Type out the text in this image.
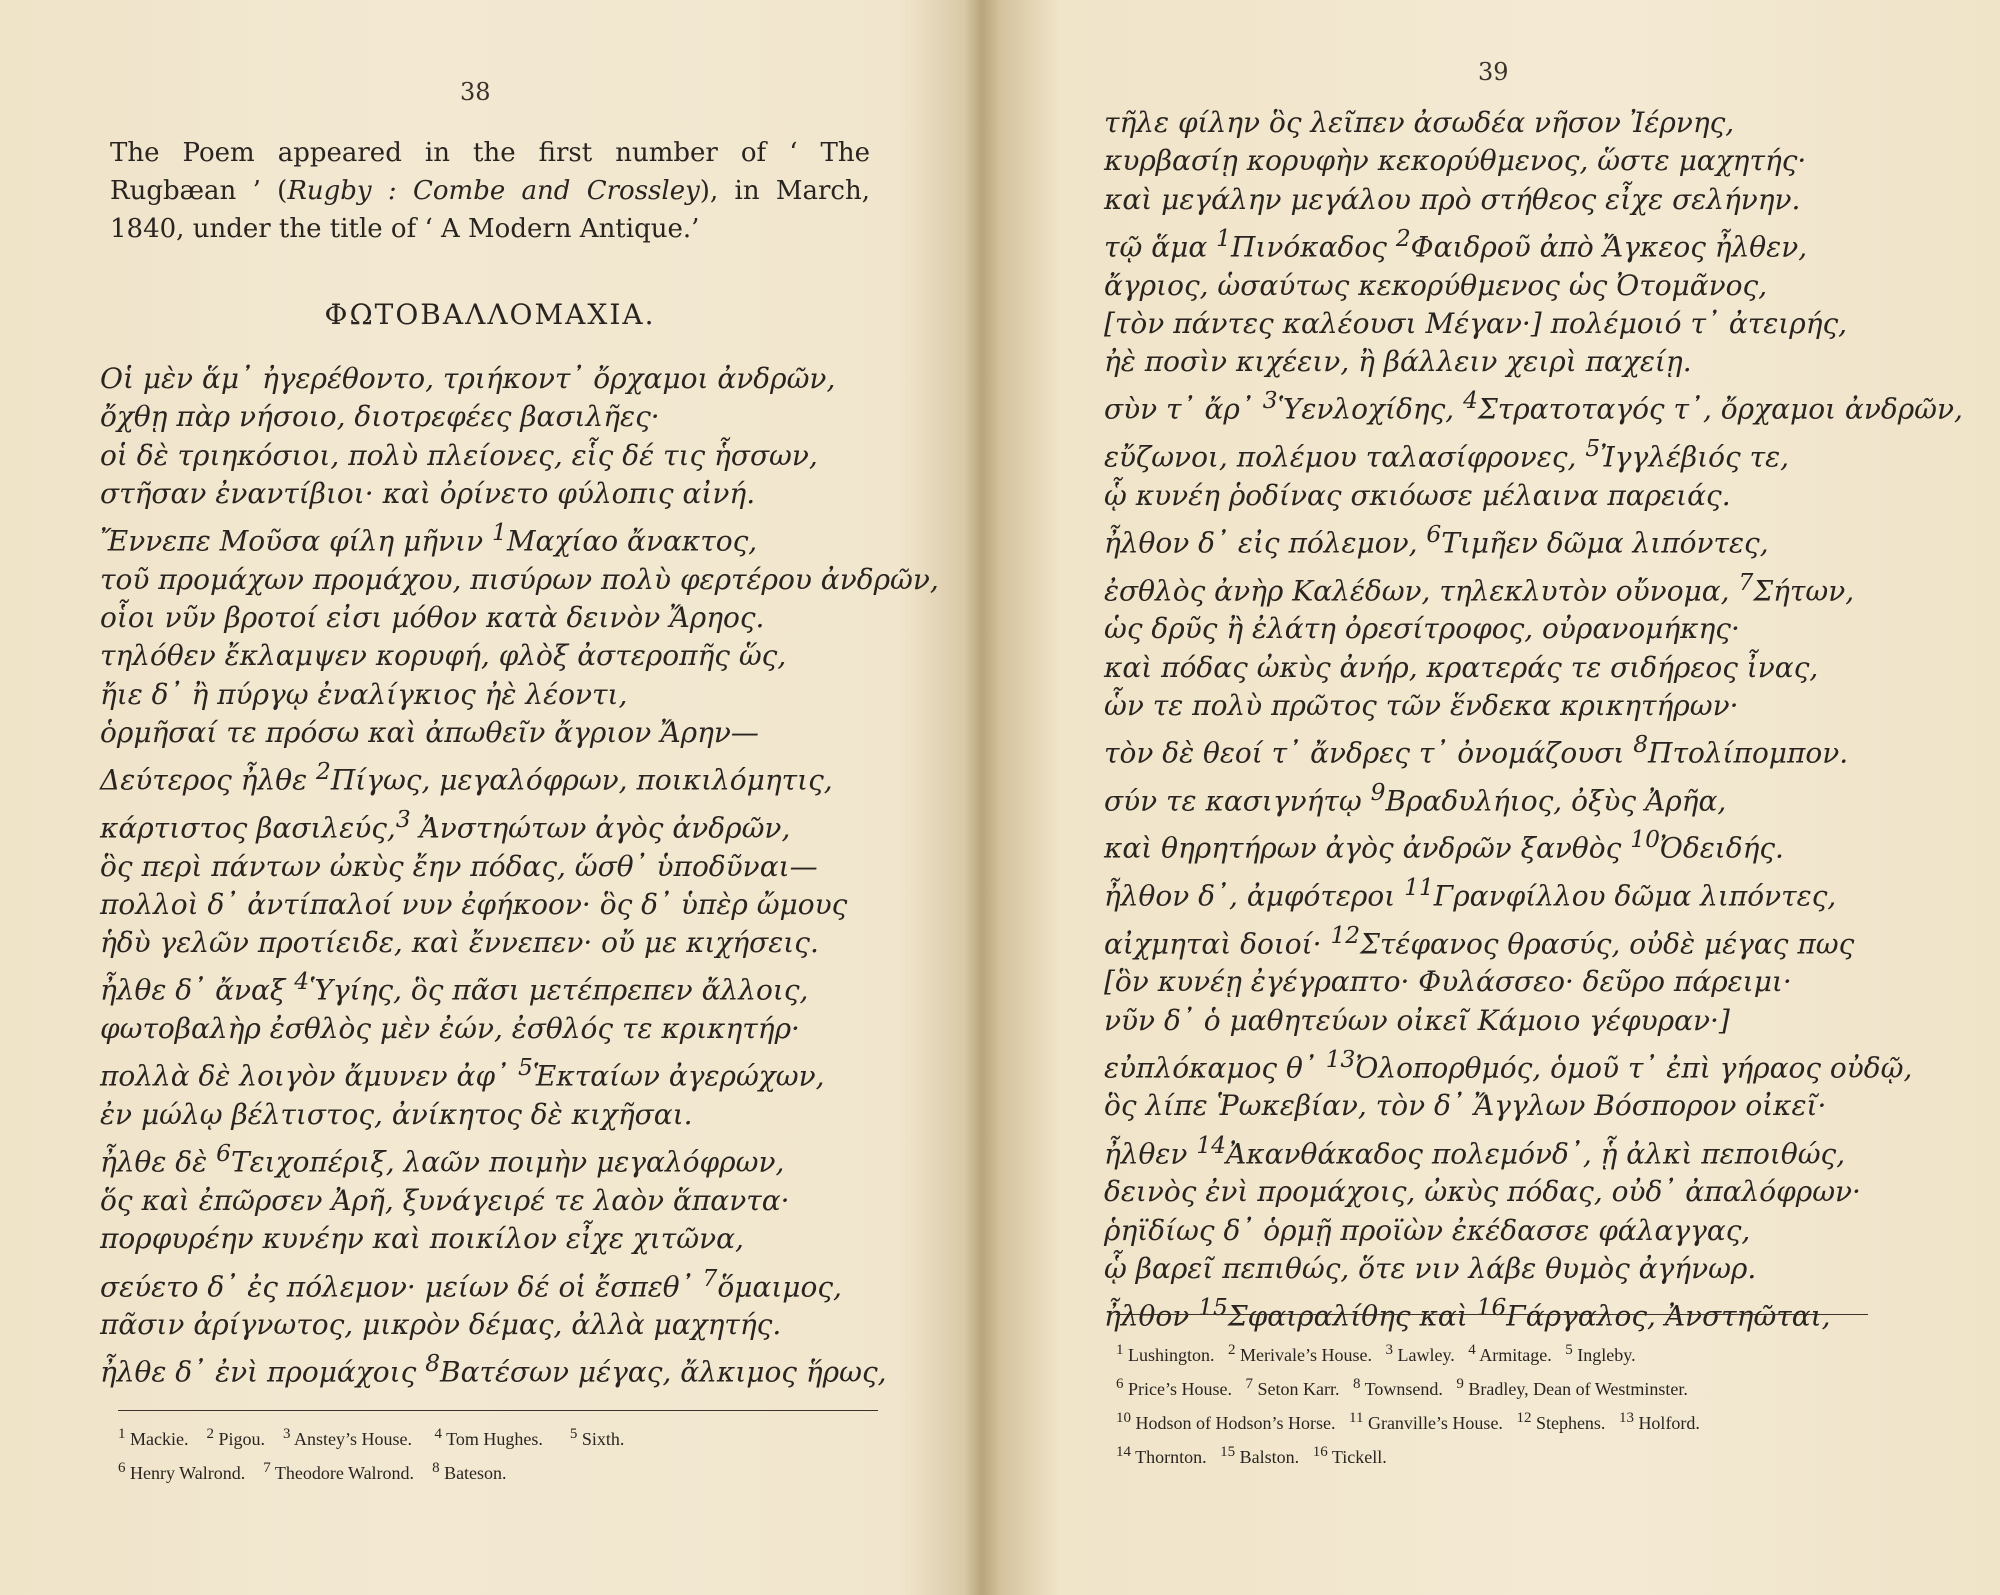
38

The Poem appeared in the first number of ‘ The Rugbæan ’ (Rugby : Combe and Crossley), in March, 1840, under the title of ‘ A Modern Antique.’

ΦΩΤΟΒΑΛΛΟΜΑΧΙΑ.
Οἱ μὲν ἅμ᾽ ἠγερέθοντο, τριήκοντ᾽ ὄρχαμοι ἀνδρῶν,
ὄχθῃ πὰρ νήσοιο, διοτρεφέες βασιλῆες·
οἱ δὲ τριηκόσιοι, πολὺ πλείονες, εἷς δέ τις ἧσσων,
στῆσαν ἐναντίβιοι· καὶ ὀρίνετο φύλοπις αἰνή.
Ἔννεπε Μοῦσα φίλη μῆνιν $^1$Μαχίαο ἄνακτος,
τοῦ προμάχων προμάχου, πισύρων πολὺ φερτέρου ἀνδρῶν,
οἷοι νῦν βροτοί εἰσι μόθον κατὰ δεινὸν Ἄρηος.
τηλόθεν ἔκλαμψεν κορυφή, φλὸξ ἀστεροπῆς ὥς,
ἤιε δ᾽ ἢ πύργῳ ἐναλίγκιος ἠὲ λέοντι,
ὁρμῆσαί τε πρόσω καὶ ἀπωθεῖν ἄγριον Ἄρην—
Δεύτερος ἦλθε $^2$Πίγως, μεγαλόφρων, ποικιλόμητις,
κάρτιστος βασιλεύς,$^3$ Ἀνστηώτων ἀγὸς ἀνδρῶν,
ὃς περὶ πάντων ὠκὺς ἔην πόδας, ὥσθ᾽ ὑποδῦναι—
πολλοὶ δ᾽ ἀντίπαλοί νυν ἐφήκοον· ὃς δ᾽ ὑπὲρ ὤμους
ἡδὺ γελῶν προτίειδε, καὶ ἔννεπεν· οὔ με κιχήσεις.
ἦλθε δ᾽ ἄναξ $^4$Ὑγίης, ὃς πᾶσι μετέπρεπεν ἄλλοις,
φωτοβαλὴρ ἐσθλὸς μὲν ἐών, ἐσθλός τε κρικητήρ·
πολλὰ δὲ λοιγὸν ἄμυνεν ἀφ᾽ $^5$Ἑκταίων ἀγερώχων,
ἐν μώλῳ βέλτιστος, ἀνίκητος δὲ κιχῆσαι.
ἦλθε δὲ $^6$Τειχοπέριξ, λαῶν ποιμὴν μεγαλόφρων,
ὅς καὶ ἐπῶρσεν Ἀρῆ, ξυνάγειρέ τε λαὸν ἅπαντα·
πορφυρέην κυνέην καὶ ποικίλον εἶχε χιτῶνα,
σεύετο δ᾽ ἐς πόλεμον· μείων δέ οἱ ἔσπεθ᾽ $^7$ὅμαιμος,
πᾶσιν ἀρίγνωτος, μικρὸν δέμας, ἀλλὰ μαχητής.
ἦλθε δ᾽ ἐνὶ προμάχοις $^8$Βατέσων μέγας, ἄλκιμος ἥρως,
$^1$ Mackie.    $^2$ Pigou.    $^3$ Anstey’s House.     $^4$ Tom Hughes.      $^5$ Sixth.
$^6$ Henry Walrond.    $^7$ Theodore Walrond.    $^8$ Bateson.
39
τῆλε φίλην ὃς λεῖπεν ἀσωδέα νῆσον Ἰέρνης,
κυρβασίῃ κορυφὴν κεκορύθμενος, ὥστε μαχητής·
καὶ μεγάλην μεγάλου πρὸ στήθεος εἶχε σελήνην.
τῷ ἅμα $^1$Πινόκαδος $^2$Φαιδροῦ ἀπὸ Ἄγκεος ἦλθεν,
ἄγριος, ὡσαύτως κεκορύθμενος ὡς Ὀτομᾶνος,
[τὸν πάντες καλέουσι Μέγαν·] πολέμοιό τ᾽ ἀτειρής,
ἠὲ ποσὶν κιχέειν, ἢ βάλλειν χειρὶ παχείῃ.
σὺν τ᾽ ἄρ᾽ $^3$Ὑενλοχίδης, $^4$Στρατοταγός τ᾽, ὄρχαμοι ἀνδρῶν,
εὔζωνοι, πολέμου ταλασίφρονες, $^5$Ἰγγλέβιός τε,
ᾧ κυνέη ῥοδίνας σκιόωσε μέλαινα παρειάς.
ἦλθον δ᾽ εἰς πόλεμον, $^6$Τιμῆεν δῶμα λιπόντες,
ἐσθλὸς ἀνὴρ Καλέδων, τηλεκλυτὸν οὔνομα, $^7$Σήτων,
ὡς δρῦς ἢ ἐλάτη ὀρεσίτροφος, οὐρανομήκης·
καὶ πόδας ὠκὺς ἀνήρ, κρατεράς τε σιδήρεος ἶνας,
ὧν τε πολὺ πρῶτος τῶν ἕνδεκα κρικητήρων·
τὸν δὲ θεοί τ᾽ ἄνδρες τ᾽ ὀνομάζουσι $^8$Πτολίπομπον.
σύν τε κασιγνήτῳ $^9$Βραδυλήιος, ὀξὺς Ἀρῆα,
καὶ θηρητήρων ἀγὸς ἀνδρῶν ξανθὸς $^{10}$Ὀδειδής.
ἦλθον δ᾽, ἀμφότεροι $^{11}$Γρανφίλλου δῶμα λιπόντες,
αἰχμηταὶ δοιοί· $^{12}$Στέφανος θρασύς, οὐδὲ μέγας πως
[ὃν κυνέῃ ἐγέγραπτο· Φυλάσσεο· δεῦρο πάρειμι·
νῦν δ᾽ ὁ μαθητεύων οἰκεῖ Κάμοιο γέφυραν·]
εὐπλόκαμος θ᾽ $^{13}$Ὀλοπορθμός, ὁμοῦ τ᾽ ἐπὶ γήραος οὐδῷ,
ὃς λίπε Ῥωκεβίαν, τὸν δ᾽ Ἄγγλων Βόσπορον οἰκεῖ·
ἦλθεν $^{14}$Ἀκανθάκαδος πολεμόνδ᾽, ᾗ ἀλκὶ πεποιθώς,
δεινὸς ἐνὶ προμάχοις, ὠκὺς πόδας, οὐδ᾽ ἀπαλόφρων·
ῥηϊδίως δ᾽ ὁρμῇ προϊὼν ἐκέδασσε φάλαγγας,
ᾧ βαρεῖ πεπιθώς, ὅτε νιν λάβε θυμὸς ἀγήνωρ.
ἦλθον $^{15}$Σφαιραλίθης καὶ $^{16}$Γάργαλος, Ἀνστηῶται,
$^1$ Lushington.   $^2$ Merivale’s House.   $^3$ Lawley.   $^4$ Armitage.   $^5$ Ingleby.
$^6$ Price’s House.   $^7$ Seton Karr.   $^8$ Townsend.   $^9$ Bradley, Dean of Westminster.
$^{10}$ Hodson of Hodson’s Horse.   $^{11}$ Granville’s House.   $^{12}$ Stephens.   $^{13}$ Holford.
$^{14}$ Thornton.   $^{15}$ Balston.   $^{16}$ Tickell.
